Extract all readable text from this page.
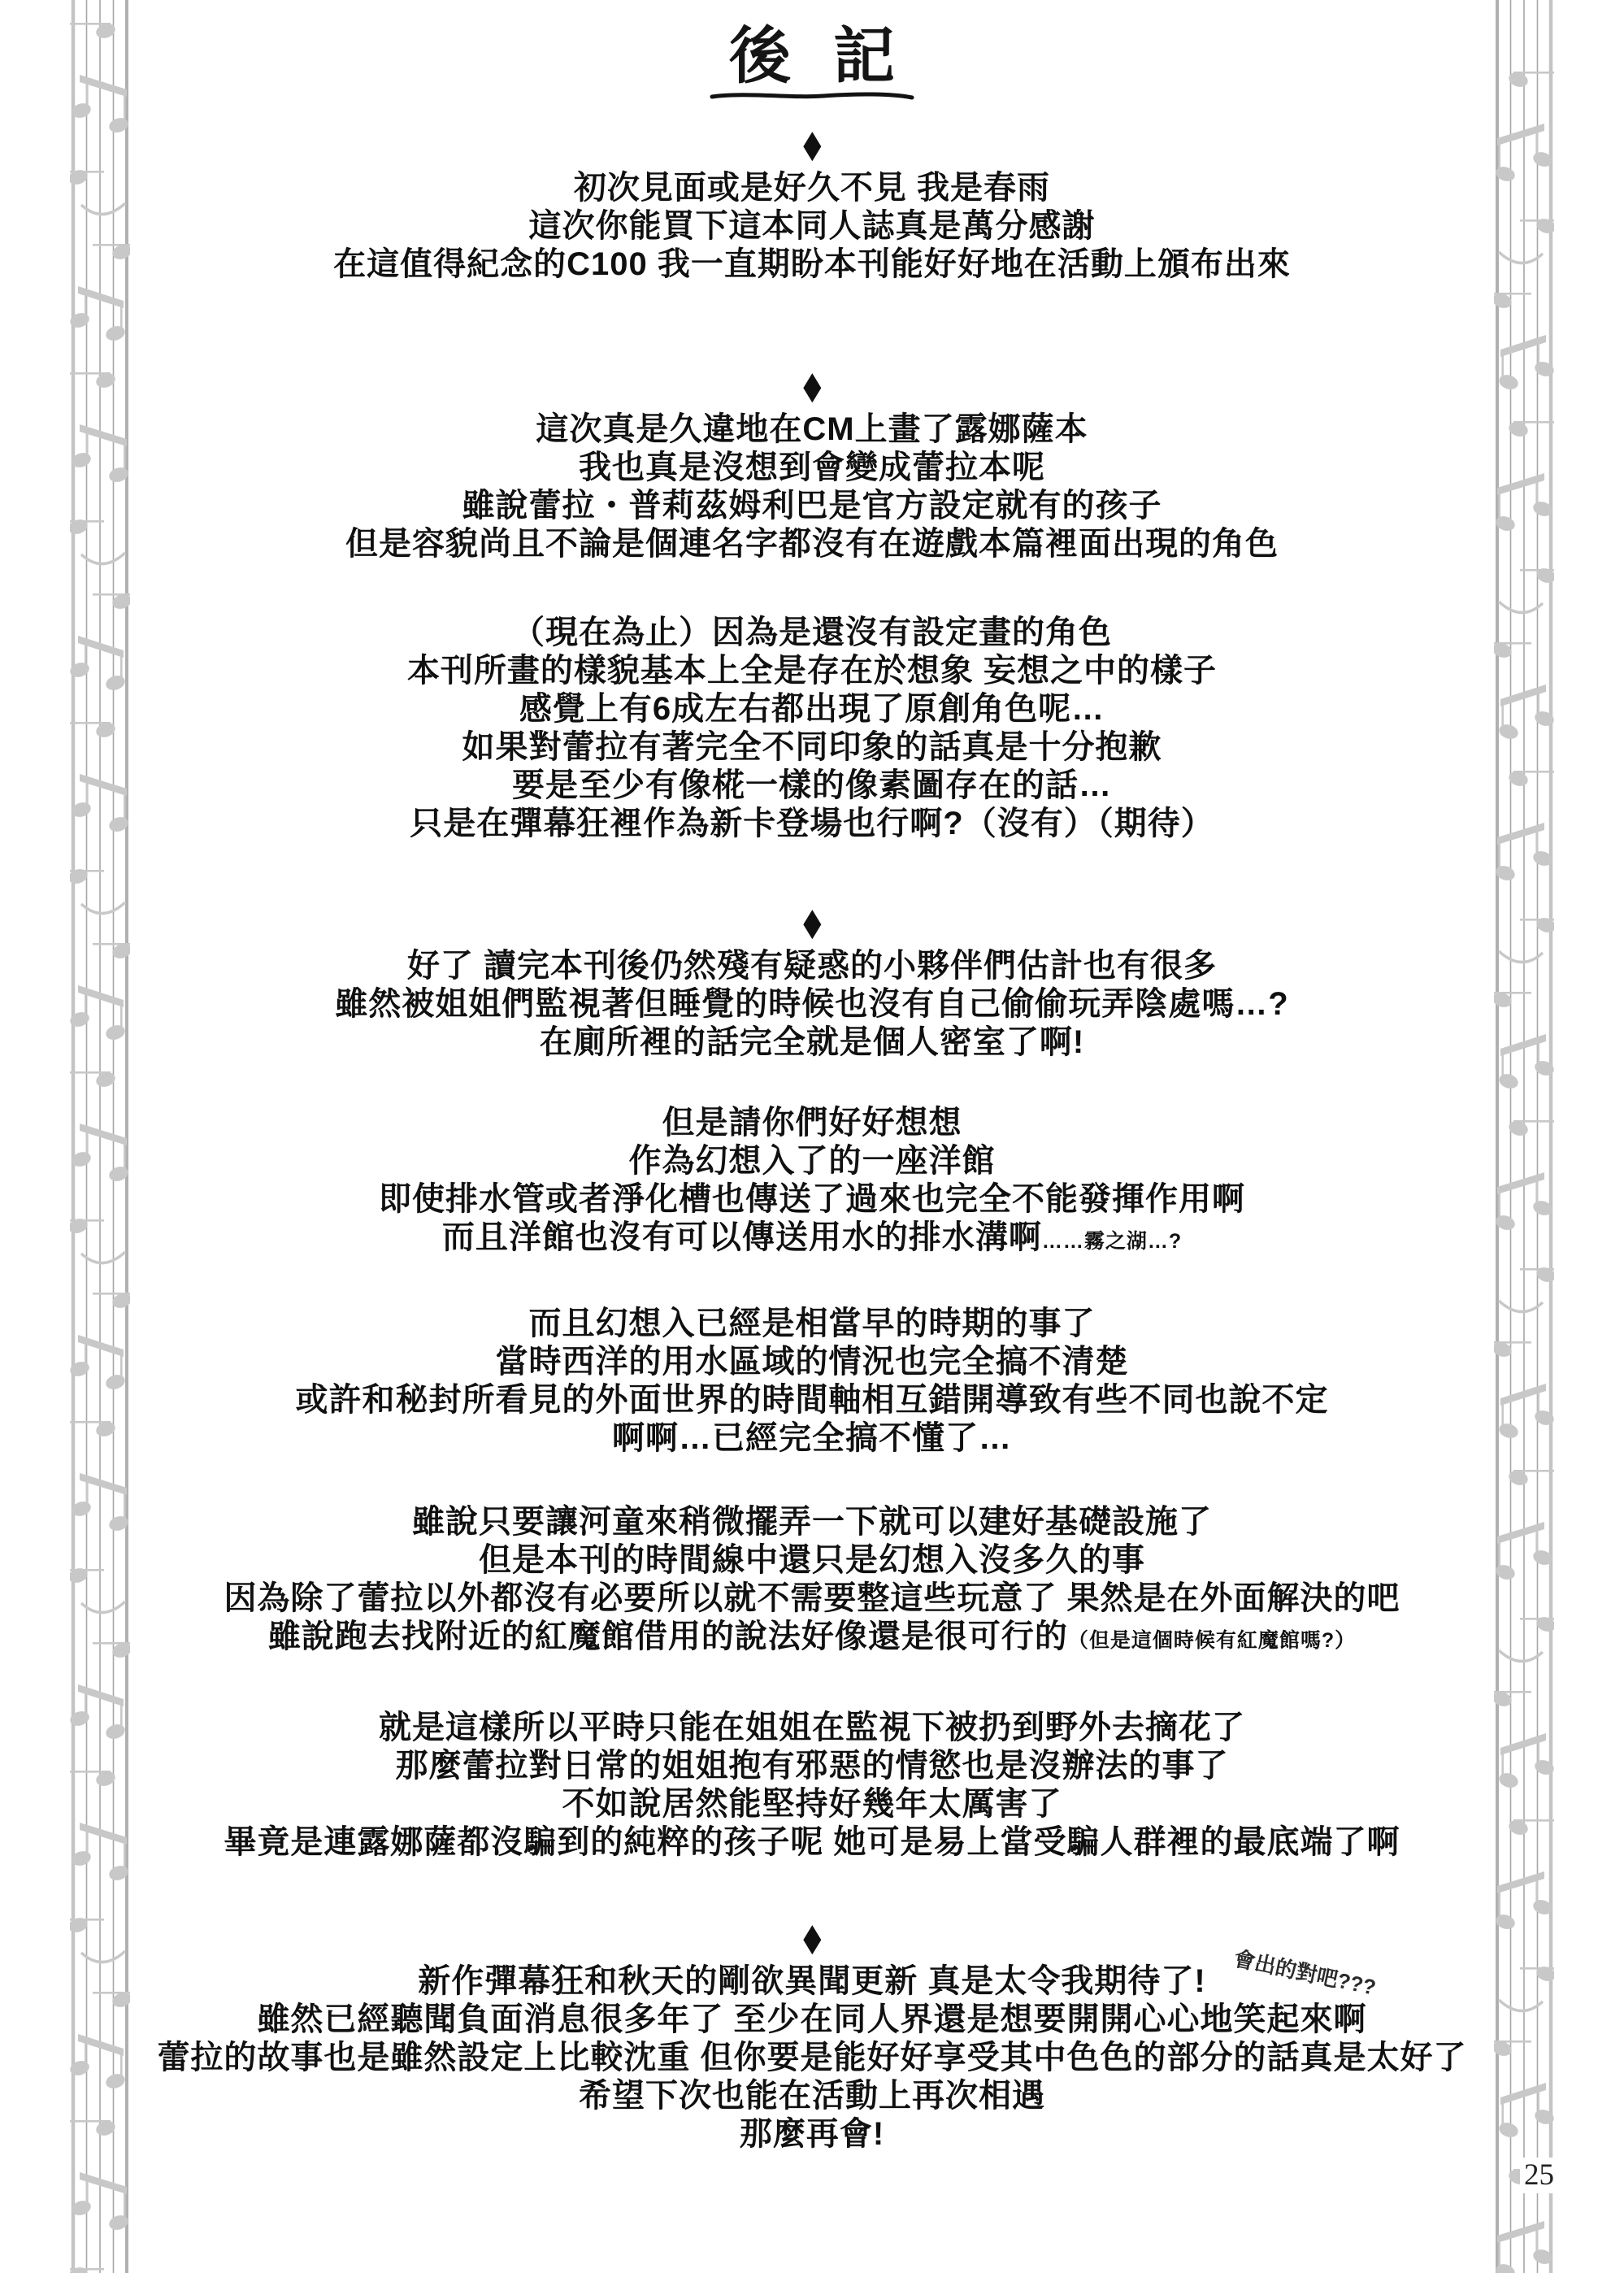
後記
◆
初次見面或是好久不見 我是春雨
這次你能買下這本同人誌真是萬分感謝
在這值得紀念的C100 我一直期盼本刊能好好地在活動上頒布出來
◆
這次真是久違地在CM上畫了露娜薩本
我也真是沒想到會變成蕾拉本呢
雖說蕾拉・普莉茲姆利巴是官方設定就有的孩子
但是容貌尚且不論是個連名字都沒有在遊戲本篇裡面出現的角色
（現在為止）因為是還沒有設定畫的角色
本刊所畫的樣貌基本上全是存在於想象 妄想之中的樣子
感覺上有6成左右都出現了原創角色呢…
如果對蕾拉有著完全不同印象的話真是十分抱歉
要是至少有像椛一樣的像素圖存在的話…
只是在彈幕狂裡作為新卡登場也行啊?（沒有）（期待）
◆
好了 讀完本刊後仍然殘有疑惑的小夥伴們估計也有很多
雖然被姐姐們監視著但睡覺的時候也沒有自己偷偷玩弄陰處嗎…?
在廁所裡的話完全就是個人密室了啊!
但是請你們好好想想
作為幻想入了的一座洋館
即使排水管或者淨化槽也傳送了過來也完全不能發揮作用啊
而且洋館也沒有可以傳送用水的排水溝啊……霧之湖…?
而且幻想入已經是相當早的時期的事了
當時西洋的用水區域的情況也完全搞不清楚
或許和秘封所看見的外面世界的時間軸相互錯開導致有些不同也說不定
啊啊…已經完全搞不懂了…
雖說只要讓河童來稍微擺弄一下就可以建好基礎設施了
但是本刊的時間線中還只是幻想入沒多久的事
因為除了蕾拉以外都沒有必要所以就不需要整這些玩意了 果然是在外面解決的吧
雖說跑去找附近的紅魔館借用的說法好像還是很可行的（但是這個時候有紅魔館嗎?）
就是這樣所以平時只能在姐姐在監視下被扔到野外去摘花了
那麼蕾拉對日常的姐姐抱有邪惡的情慾也是沒辦法的事了
不如說居然能堅持好幾年太厲害了
畢竟是連露娜薩都沒騙到的純粹的孩子呢 她可是易上當受騙人群裡的最底端了啊
◆
會出的對吧???
新作彈幕狂和秋天的剛欲異聞更新 真是太令我期待了!
雖然已經聽聞負面消息很多年了 至少在同人界還是想要開開心心地笑起來啊
蕾拉的故事也是雖然設定上比較沈重 但你要是能好好享受其中色色的部分的話真是太好了
希望下次也能在活動上再次相遇
那麼再會!
25
